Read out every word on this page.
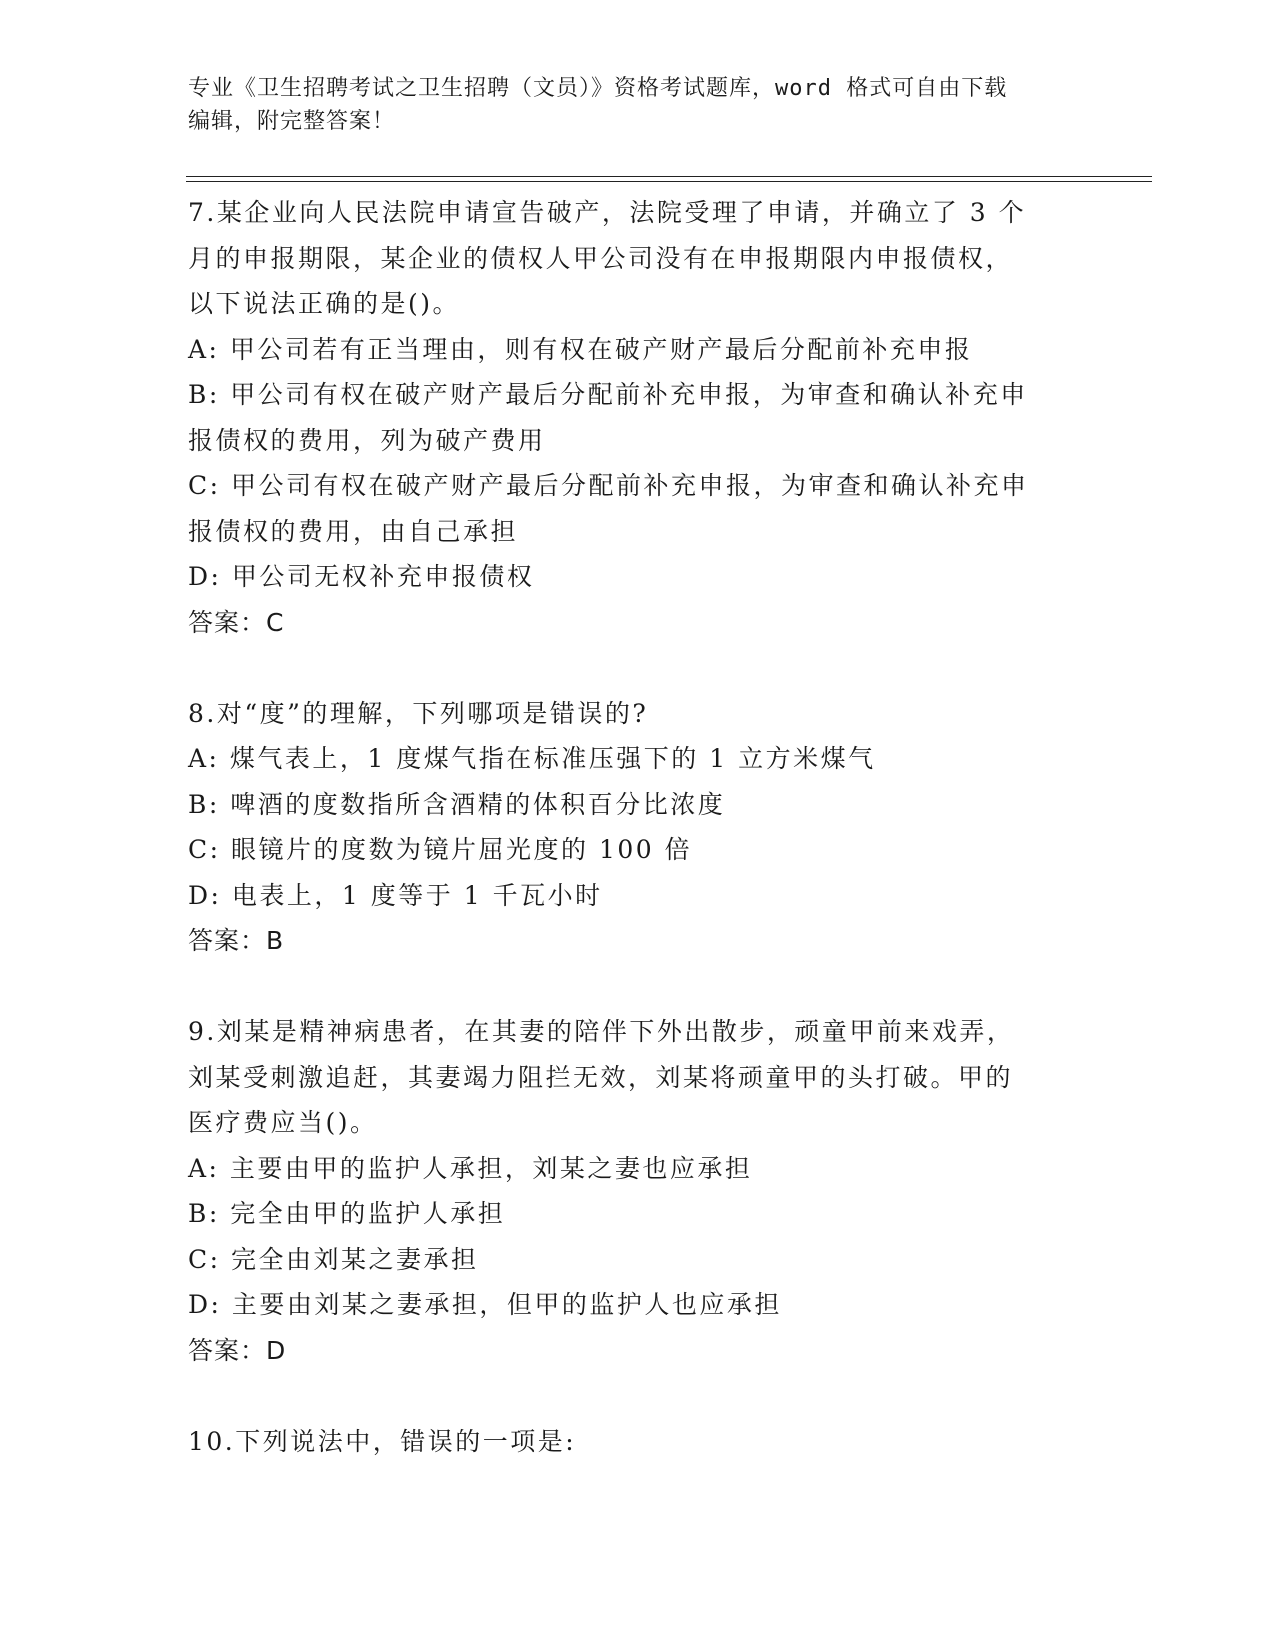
专业《卫生招聘考试之卫生招聘（文员）》资格考试题库，word 格式可自由下载
编辑，附完整答案！
7.某企业向人民法院申请宣告破产，法院受理了申请，并确立了 3 个
月的申报期限，某企业的债权人甲公司没有在申报期限内申报债权，
以下说法正确的是()。
A: 甲公司若有正当理由，则有权在破产财产最后分配前补充申报
B: 甲公司有权在破产财产最后分配前补充申报，为审查和确认补充申
报债权的费用，列为破产费用
C: 甲公司有权在破产财产最后分配前补充申报，为审查和确认补充申
报债权的费用，由自己承担
D: 甲公司无权补充申报债权
答案：C
8.对“度”的理解，下列哪项是错误的?
A: 煤气表上，1 度煤气指在标准压强下的 1 立方米煤气
B: 啤酒的度数指所含酒精的体积百分比浓度
C: 眼镜片的度数为镜片屈光度的 100 倍
D: 电表上，1 度等于 1 千瓦小时
答案：B
9.刘某是精神病患者，在其妻的陪伴下外出散步，顽童甲前来戏弄，
刘某受刺激追赶，其妻竭力阻拦无效，刘某将顽童甲的头打破。甲的
医疗费应当()。
A: 主要由甲的监护人承担，刘某之妻也应承担
B: 完全由甲的监护人承担
C: 完全由刘某之妻承担
D: 主要由刘某之妻承担，但甲的监护人也应承担
答案：D
10.下列说法中，错误的一项是:
